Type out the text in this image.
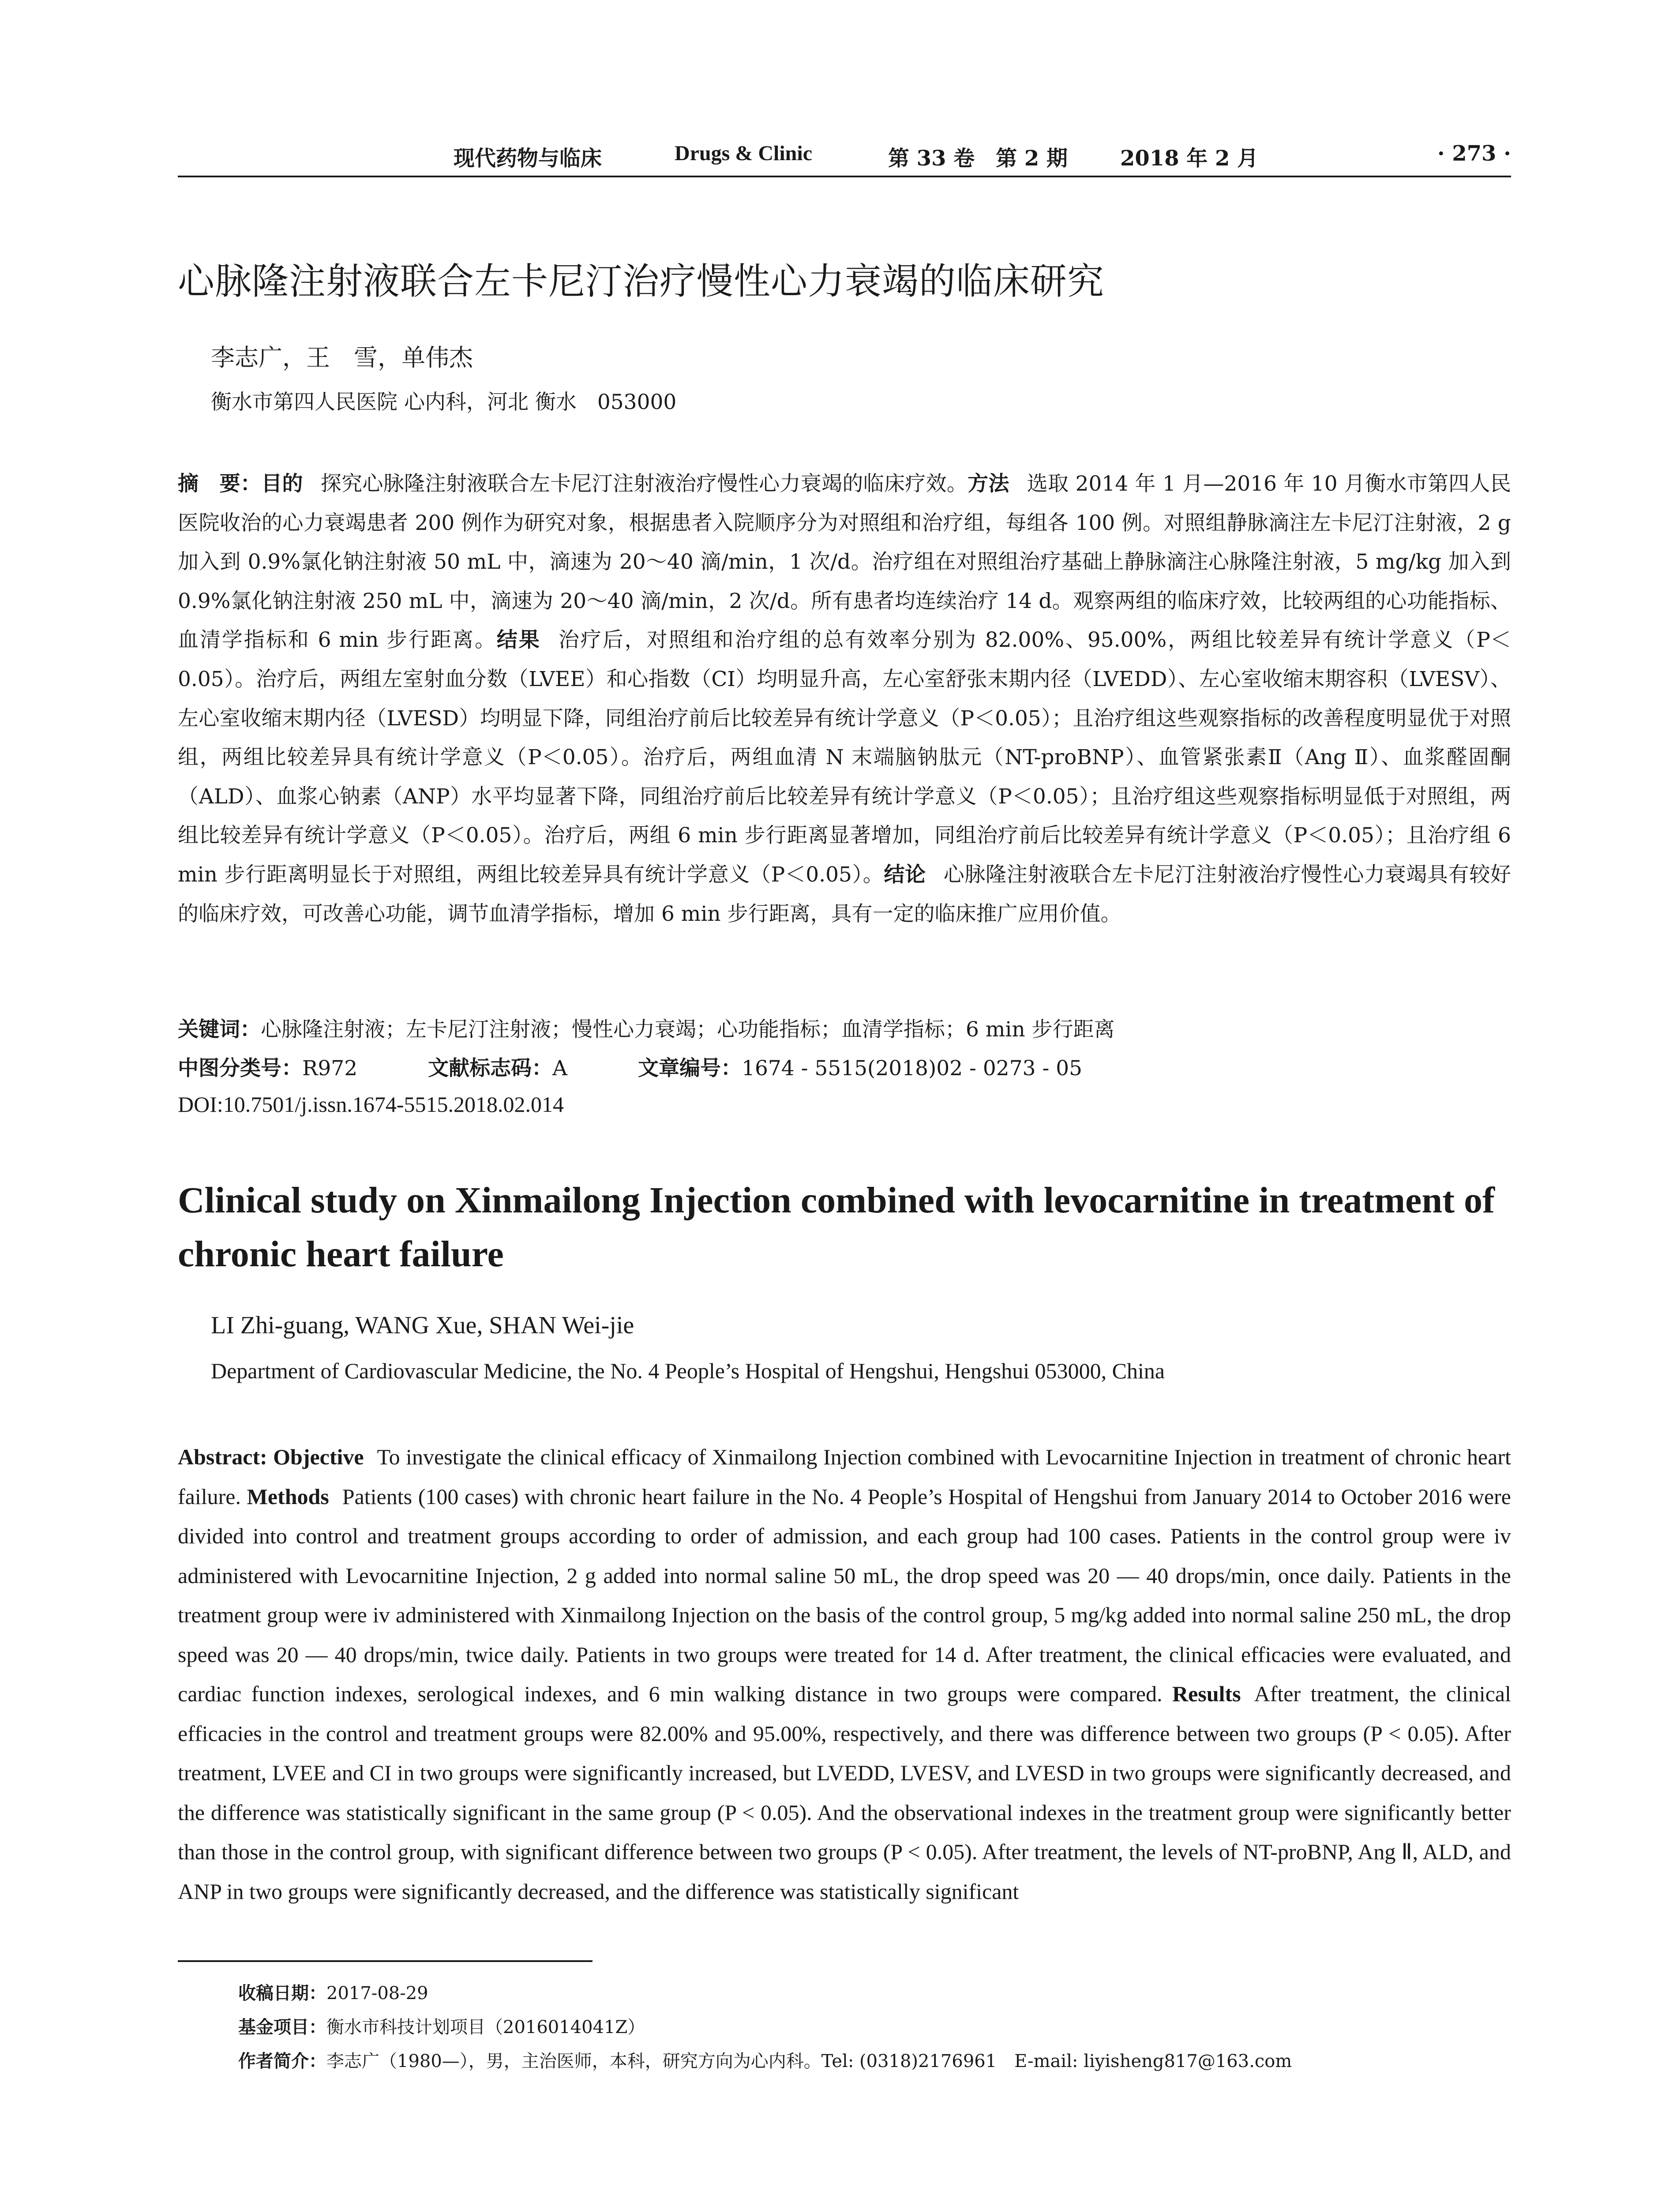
现代药物与临床	Drugs & Clinic	第 33 卷　第 2 期 2018 年 2 月	· 273 ·
心脉隆注射液联合左卡尼汀治疗慢性心力衰竭的临床研究
李志广，王　雪，单伟杰
衡水市第四人民医院 心内科，河北 衡水　053000
摘　要：目的 探究心脉隆注射液联合左卡尼汀注射液治疗慢性心力衰竭的临床疗效。方法 选取 2014 年 1 月—2016 年 10 月衡水市第四人民医院收治的心力衰竭患者 200 例作为研究对象，根据患者入院顺序分为对照组和治疗组，每组各 100 例。对照组静脉滴注左卡尼汀注射液，2 g 加入到 0.9%氯化钠注射液 50 mL 中，滴速为 20～40 滴/min，1 次/d。治疗组在对照组治疗基础上静脉滴注心脉隆注射液，5 mg/kg 加入到 0.9%氯化钠注射液 250 mL 中，滴速为 20～40 滴/min，2 次/d。所有患者均连续治疗 14 d。观察两组的临床疗效，比较两组的心功能指标、血清学指标和 6 min 步行距离。结果 治疗后，对照组和治疗组的总有效率分别为 82.00%、95.00%，两组比较差异有统计学意义（P＜0.05）。治疗后，两组左室射血分数（LVEE）和心指数（CI）均明显升高，左心室舒张末期内径（LVEDD）、左心室收缩末期容积（LVESV）、左心室收缩末期内径（LVESD）均明显下降，同组治疗前后比较差异有统计学意义（P＜0.05）；且治疗组这些观察指标的改善程度明显优于对照组，两组比较差异具有统计学意义（P＜0.05）。治疗后，两组血清 N 末端脑钠肽元（NT-proBNP）、血管紧张素Ⅱ（Ang Ⅱ）、血浆醛固酮（ALD）、血浆心钠素（ANP）水平均显著下降，同组治疗前后比较差异有统计学意义（P＜0.05）；且治疗组这些观察指标明显低于对照组，两组比较差异有统计学意义（P＜0.05）。治疗后，两组 6 min 步行距离显著增加，同组治疗前后比较差异有统计学意义（P＜0.05）；且治疗组 6 min 步行距离明显长于对照组，两组比较差异具有统计学意义（P＜0.05）。结论 心脉隆注射液联合左卡尼汀注射液治疗慢性心力衰竭具有较好的临床疗效，可改善心功能，调节血清学指标，增加 6 min 步行距离，具有一定的临床推广应用价值。
关键词：心脉隆注射液；左卡尼汀注射液；慢性心力衰竭；心功能指标；血清学指标；6 min 步行距离
中图分类号：R972	文献标志码：A	文章编号：1674 - 5515(2018)02 - 0273 - 05
DOI:10.7501/j.issn.1674-5515.2018.02.014
Clinical study on Xinmailong Injection combined with levocarnitine in treatment of chronic heart failure
LI Zhi-guang, WANG Xue, SHAN Wei-jie
Department of Cardiovascular Medicine, the No. 4 People’s Hospital of Hengshui, Hengshui 053000, China
Abstract: Objective To investigate the clinical efficacy of Xinmailong Injection combined with Levocarnitine Injection in treatment of chronic heart failure. Methods Patients (100 cases) with chronic heart failure in the No. 4 People’s Hospital of Hengshui from January 2014 to October 2016 were divided into control and treatment groups according to order of admission, and each group had 100 cases. Patients in the control group were iv administered with Levocarnitine Injection, 2 g added into normal saline 50 mL, the drop speed was 20 — 40 drops/min, once daily. Patients in the treatment group were iv administered with Xinmailong Injection on the basis of the control group, 5 mg/kg added into normal saline 250 mL, the drop speed was 20 — 40 drops/min, twice daily. Patients in two groups were treated for 14 d. After treatment, the clinical efficacies were evaluated, and cardiac function indexes, serological indexes, and 6 min walking distance in two groups were compared. Results After treatment, the clinical efficacies in the control and treatment groups were 82.00% and 95.00%, respectively, and there was difference between two groups (P < 0.05). After treatment, LVEE and CI in two groups were significantly increased, but LVEDD, LVESV, and LVESD in two groups were significantly decreased, and the difference was statistically significant in the same group (P < 0.05). And the observational indexes in the treatment group were significantly better than those in the control group, with significant difference between two groups (P < 0.05). After treatment, the levels of NT-proBNP, Ang Ⅱ, ALD, and ANP in two groups were significantly decreased, and the difference was statistically significant
收稿日期：2017-08-29
基金项目：衡水市科技计划项目（2016014041Z）
作者简介：李志广（1980—），男，主治医师，本科，研究方向为心内科。Tel: (0318)2176961　E-mail: liyisheng817@163.com
